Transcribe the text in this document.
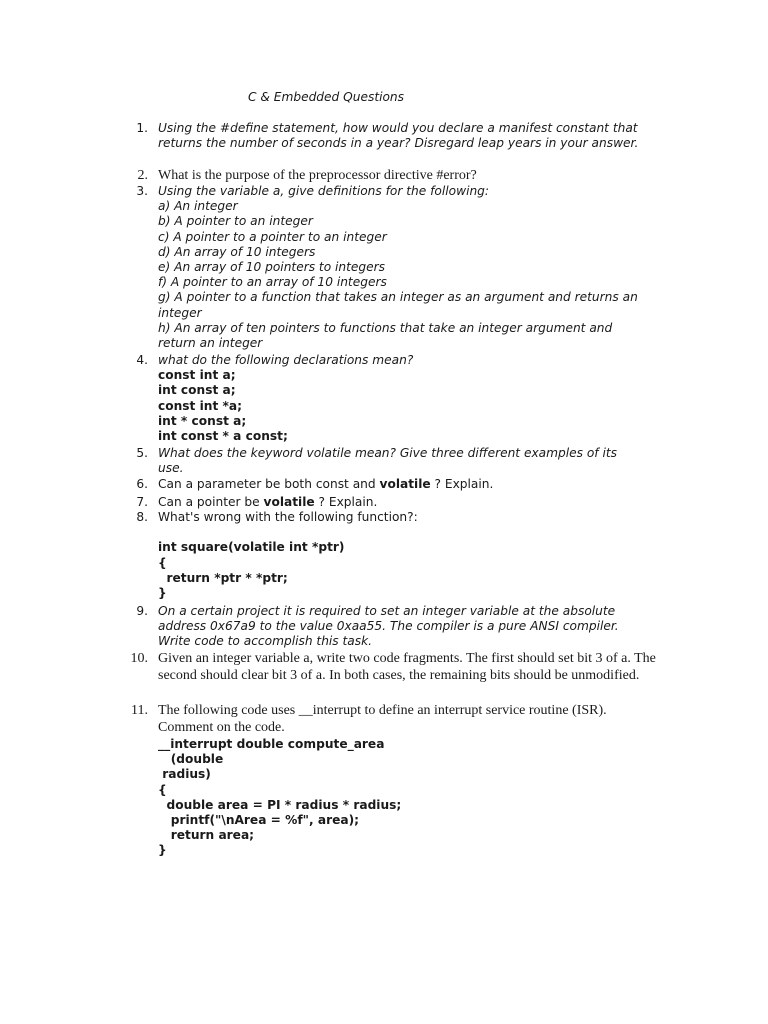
C & Embedded Questions
1. Using the #define statement, how would you declare a manifest constant that returns the number of seconds in a year? Disregard leap years in your answer.
2. What is the purpose of the preprocessor directive #error?
3. Using the variable a, give definitions for the following:
a) An integer
b) A pointer to an integer
c) A pointer to a pointer to an integer
d) An array of 10 integers
e) An array of 10 pointers to integers
f) A pointer to an array of 10 integers
g) A pointer to a function that takes an integer as an argument and returns an integer
h) An array of ten pointers to functions that take an integer argument and return an integer
4. what do the following declarations mean?
const int a;
int const a;
const int *a;
int * const a;
int const * a const;
5. What does the keyword volatile mean? Give three different examples of its use.
6. Can a parameter be both const and volatile ? Explain.
7. Can a pointer be volatile ? Explain.
8. What's wrong with the following function?:
int square(volatile int *ptr)
{
return *ptr * *ptr;
}
9. On a certain project it is required to set an integer variable at the absolute address 0x67a9 to the value 0xaa55. The compiler is a pure ANSI compiler. Write code to accomplish this task.
10. Given an integer variable a, write two code fragments. The first should set bit 3 of a. The second should clear bit 3 of a. In both cases, the remaining bits should be unmodified.
11. The following code uses __interrupt to define an interrupt service routine (ISR). Comment on the code.
__interrupt double compute_area
(double
radius)
{
double area = PI * radius * radius;
printf("\nArea = %f", area);
return area;
}
